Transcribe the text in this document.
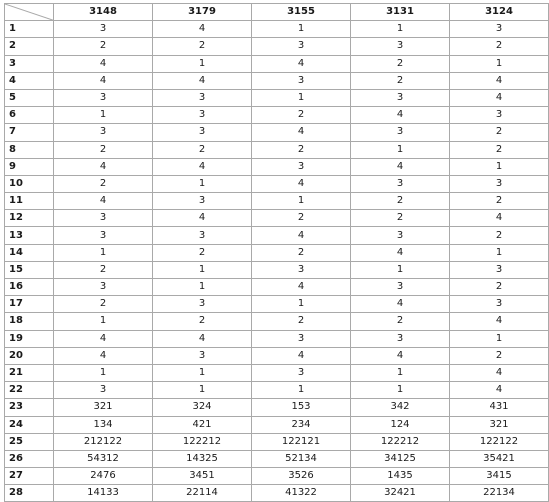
	3148	3179	3155	3131	3124
1	3	4	1	1	3
2	2	2	3	3	2
3	4	1	4	2	1
4	4	4	3	2	4
5	3	3	1	3	4
6	1	3	2	4	3
7	3	3	4	3	2
8	2	2	2	1	2
9	4	4	3	4	1
10	2	1	4	3	3
11	4	3	1	2	2
12	3	4	2	2	4
13	3	3	4	3	2
14	1	2	2	4	1
15	2	1	3	1	3
16	3	1	4	3	2
17	2	3	1	4	3
18	1	2	2	2	4
19	4	4	3	3	1
20	4	3	4	4	2
21	1	1	3	1	4
22	3	1	1	1	4
23	321	324	153	342	431
24	134	421	234	124	321
25	212122	122212	122121	122212	122122
26	54312	14325	52134	34125	35421
27	2476	3451	3526	1435	3415
28	14133	22114	41322	32421	22134
